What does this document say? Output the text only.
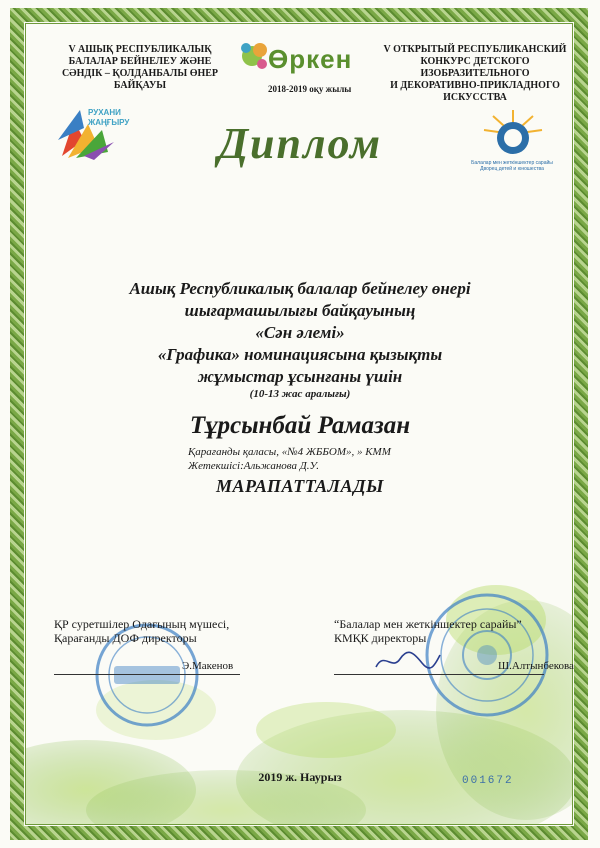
V АШЫҚ РЕСПУБЛИКАЛЫҚ
БАЛАЛАР БЕЙНЕЛЕУ ЖӘНЕ
СӘНДІК – ҚОЛДАНБАЛЫ ӨНЕР
БАЙҚАУЫ
Өркен
2018-2019 оқу жылы
V ОТКРЫТЫЙ РЕСПУБЛИКАНСКИЙ
КОНКУРС ДЕТСКОГО
ИЗОБРАЗИТЕЛЬНОГО
И ДЕКОРАТИВНО-ПРИКЛАДНОГО
ИСКУССТВА
РУХАНИ
ЖАҢҒЫРУ
Балалар мен жеткіншектер сарайы
Дворец детей и юношества
Диплом
Ашық Республикалық балалар бейнелеу өнері
шығармашылығы байқауының
«Сән әлемі»
«Графика» номинациясына қызықты
жұмыстар ұсынғаны үшін
(10-13 жас аралығы)
Тұрсынбай Рамазан
Қарағанды қаласы, «№4 ЖББОМ», » КММ
Жетекшісі:Альжанова Д.У.
МАРАПАТТАЛАДЫ
ҚР суретшілер Одағының мүшесі,
Қарағанды ДОФ директоры
Э.Макенов
“Балалар мен жеткіншектер сарайы”
КМҚК директоры
Ш.Алтынбекова
2019 ж. Наурыз	001672
